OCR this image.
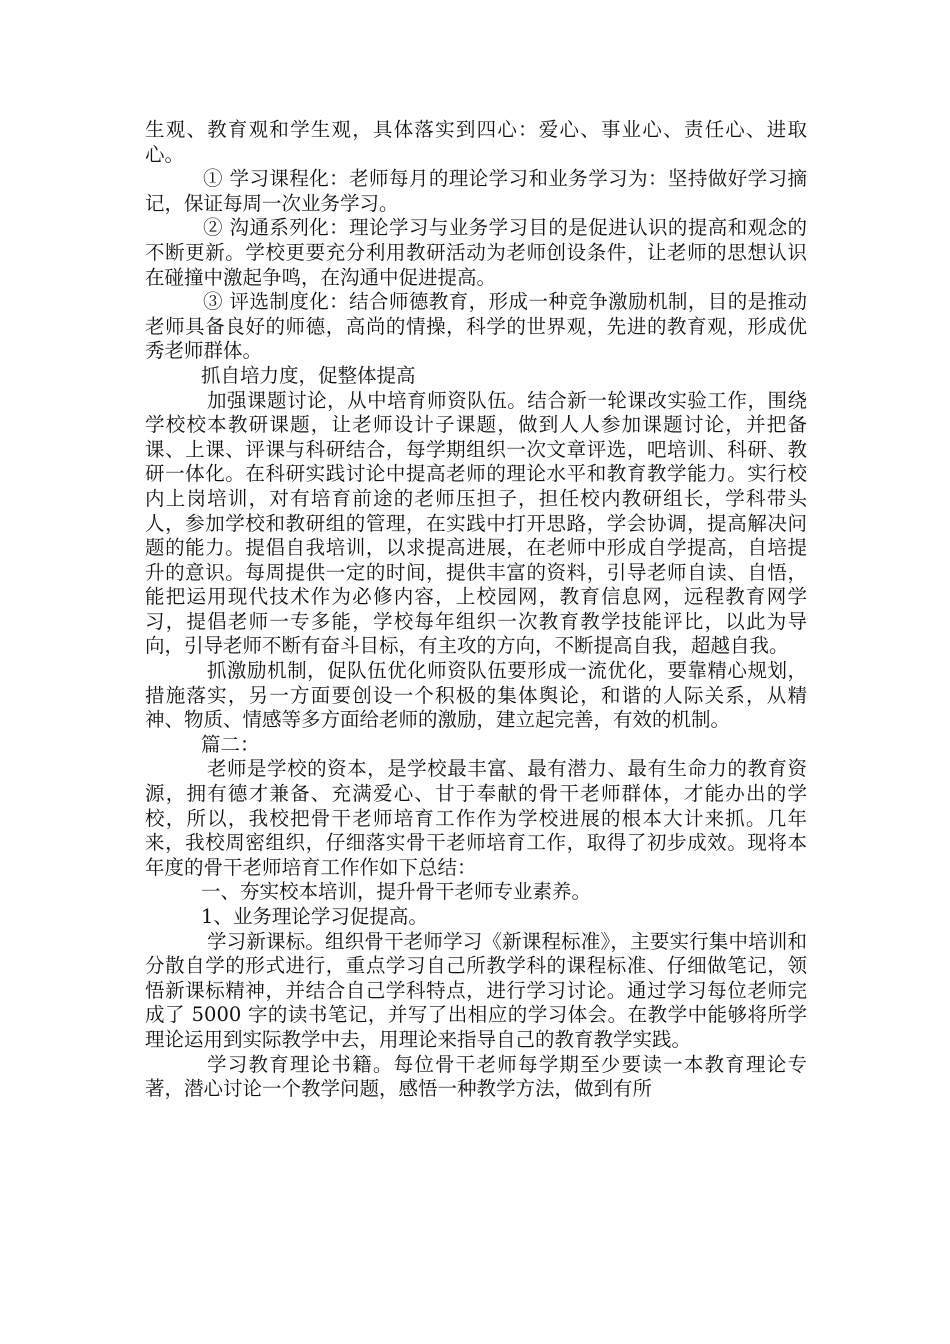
生观、教育观和学生观，具体落实到四心：爱心、事业心、责任心、进取心。

① 学习课程化：老师每月的理论学习和业务学习为：坚持做好学习摘记，保证每周一次业务学习。

② 沟通系列化：理论学习与业务学习目的是促进认识的提高和观念的不断更新。学校更要充分利用教研活动为老师创设条件，让老师的思想认识在碰撞中激起争鸣，在沟通中促进提高。

③ 评选制度化：结合师德教育，形成一种竞争激励机制，目的是推动老师具备良好的师德，高尚的情操，科学的世界观，先进的教育观，形成优秀老师群体。

抓自培力度，促整体提高

加强课题讨论，从中培育师资队伍。结合新一轮课改实验工作，围绕学校校本教研课题，让老师设计子课题，做到人人参加课题讨论，并把备课、上课、评课与科研结合，每学期组织一次文章评选，吧培训、科研、教研一体化。在科研实践讨论中提高老师的理论水平和教育教学能力。实行校内上岗培训，对有培育前途的老师压担子，担任校内教研组长，学科带头人，参加学校和教研组的管理，在实践中打开思路，学会协调，提高解决问题的能力。提倡自我培训，以求提高进展，在老师中形成自学提高，自培提升的意识。每周提供一定的时间，提供丰富的资料，引导老师自读、自悟，能把运用现代技术作为必修内容，上校园网，教育信息网，远程教育网学习，提倡老师一专多能，学校每年组织一次教育教学技能评比，以此为导向，引导老师不断有奋斗目标，有主攻的方向，不断提高自我，超越自我。

抓激励机制，促队伍优化师资队伍要形成一流优化，要靠精心规划，措施落实，另一方面要创设一个积极的集体舆论，和谐的人际关系，从精神、物质、情感等多方面给老师的激励，建立起完善，有效的机制。

篇二：

老师是学校的资本，是学校最丰富、最有潜力、最有生命力的教育资源，拥有德才兼备、充满爱心、甘于奉献的骨干老师群体，才能办出的学校，所以，我校把骨干老师培育工作作为学校进展的根本大计来抓。几年来，我校周密组织，仔细落实骨干老师培育工作，取得了初步成效。现将本年度的骨干老师培育工作作如下总结：

一、夯实校本培训，提升骨干老师专业素养。

1、业务理论学习促提高。

学习新课标。组织骨干老师学习《新课程标准》，主要实行集中培训和分散自学的形式进行，重点学习自己所教学科的课程标准、仔细做笔记，领悟新课标精神，并结合自己学科特点，进行学习讨论。通过学习每位老师完成了 5000 字的读书笔记，并写了出相应的学习体会。在教学中能够将所学理论运用到实际教学中去，用理论来指导自己的教育教学实践。

学习教育理论书籍。每位骨干老师每学期至少要读一本教育理论专著，潜心讨论一个教学问题，感悟一种教学方法，做到有所
